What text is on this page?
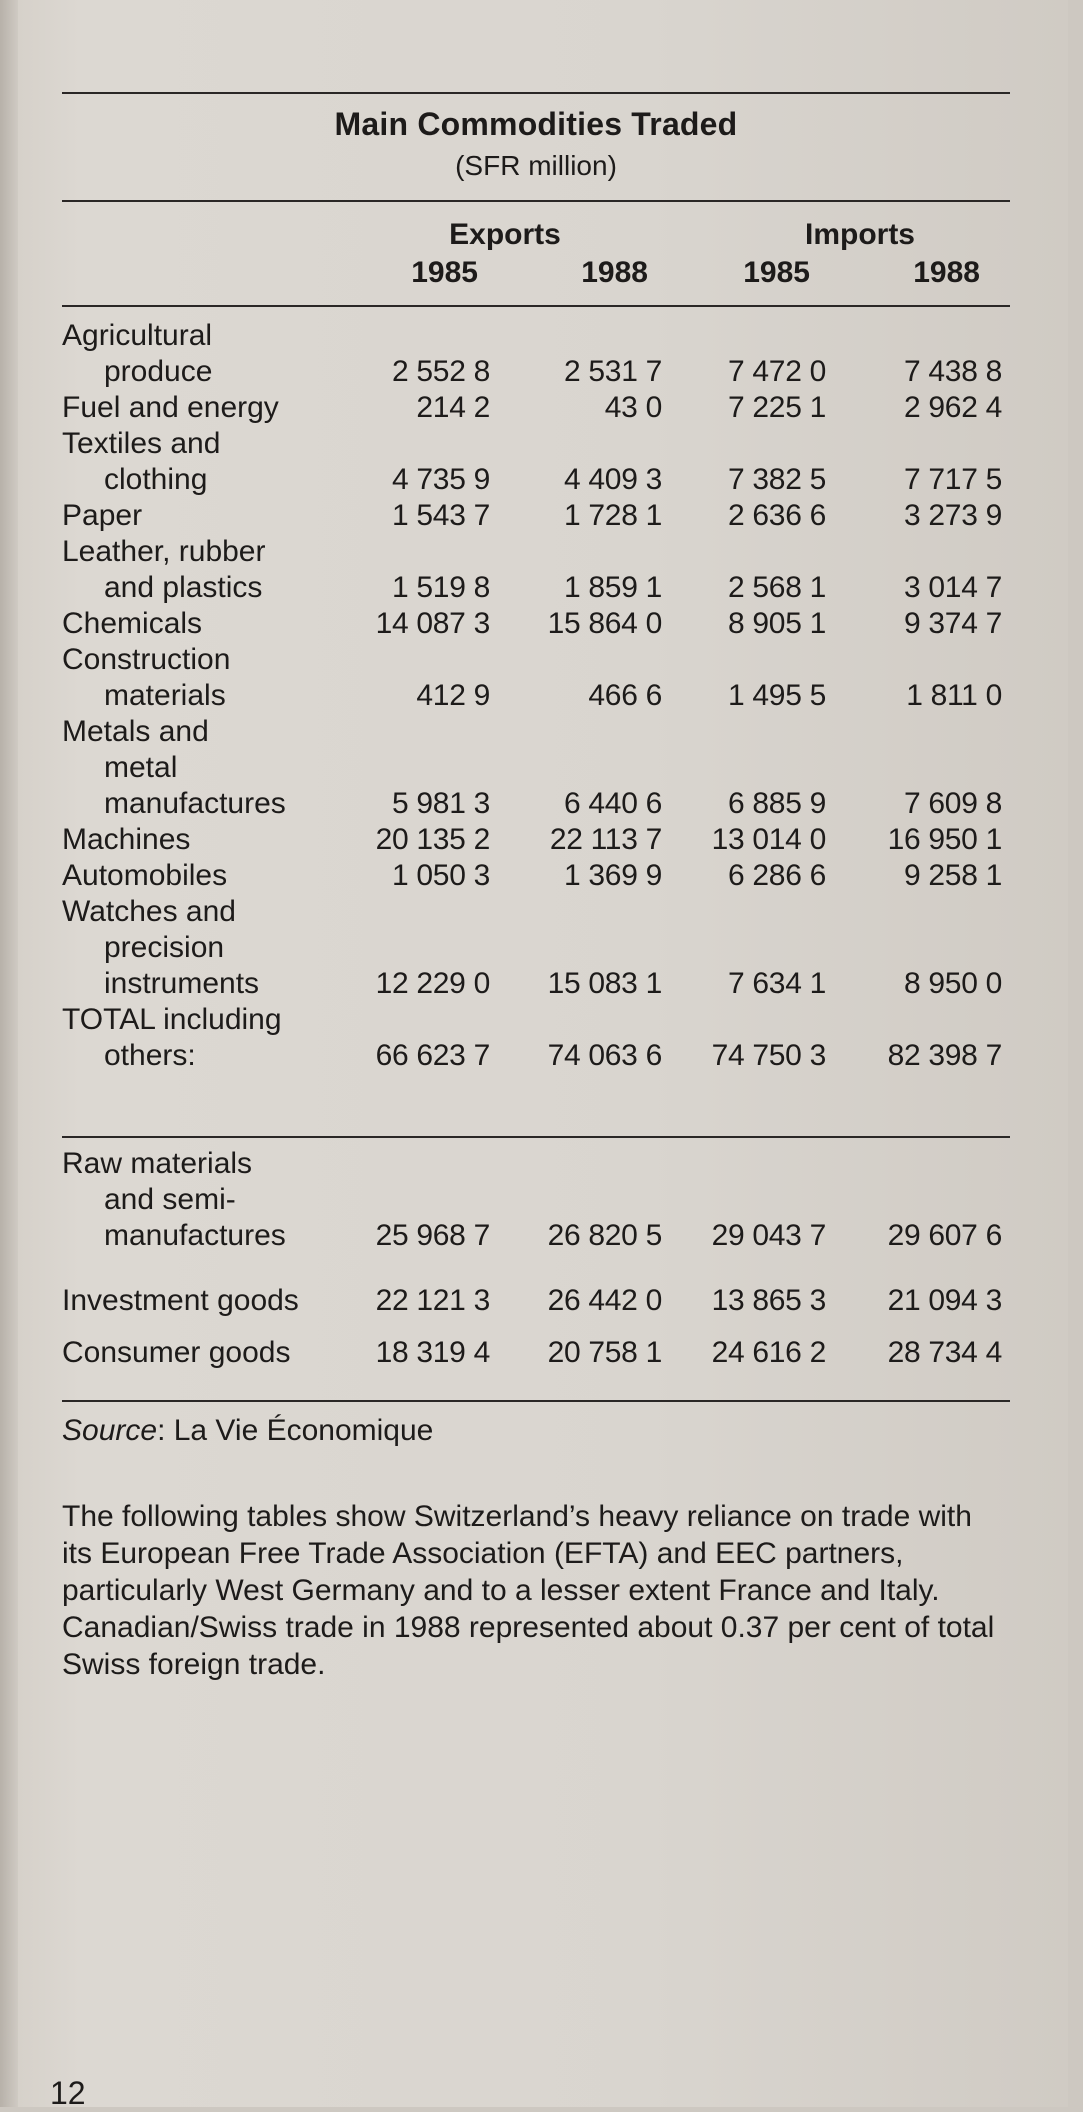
Main Commodities Traded
(SFR million)
Exports	Imports
1985	1988	1985	1988
Agricultural
produce	2 552 8	2 531 7	7 472 0	7 438 8
Fuel and energy	214 2	43 0	7 225 1	2 962 4
Textiles and
clothing	4 735 9	4 409 3	7 382 5	7 717 5
Paper	1 543 7	1 728 1	2 636 6	3 273 9
Leather, rubber
and plastics	1 519 8	1 859 1	2 568 1	3 014 7
Chemicals	14 087 3	15 864 0	8 905 1	9 374 7
Construction
materials	412 9	466 6	1 495 5	1 811 0
Metals and
metal
manufactures	5 981 3	6 440 6	6 885 9	7 609 8
Machines	20 135 2	22 113 7	13 014 0	16 950 1
Automobiles	1 050 3	1 369 9	6 286 6	9 258 1
Watches and
precision
instruments	12 229 0	15 083 1	7 634 1	8 950 0
TOTAL including
others:	66 623 7	74 063 6	74 750 3	82 398 7
Raw materials
and semi-
manufactures	25 968 7	26 820 5	29 043 7	29 607 6
Investment goods	22 121 3	26 442 0	13 865 3	21 094 3
Consumer goods	18 319 4	20 758 1	24 616 2	28 734 4
Source: La Vie Économique
The following tables show Switzerland’s heavy reliance on trade with its European Free Trade Association (EFTA) and EEC partners, particularly West Germany and to a lesser extent France and Italy. Canadian/Swiss trade in 1988 represented about 0.37 per cent of total Swiss foreign trade.
12
